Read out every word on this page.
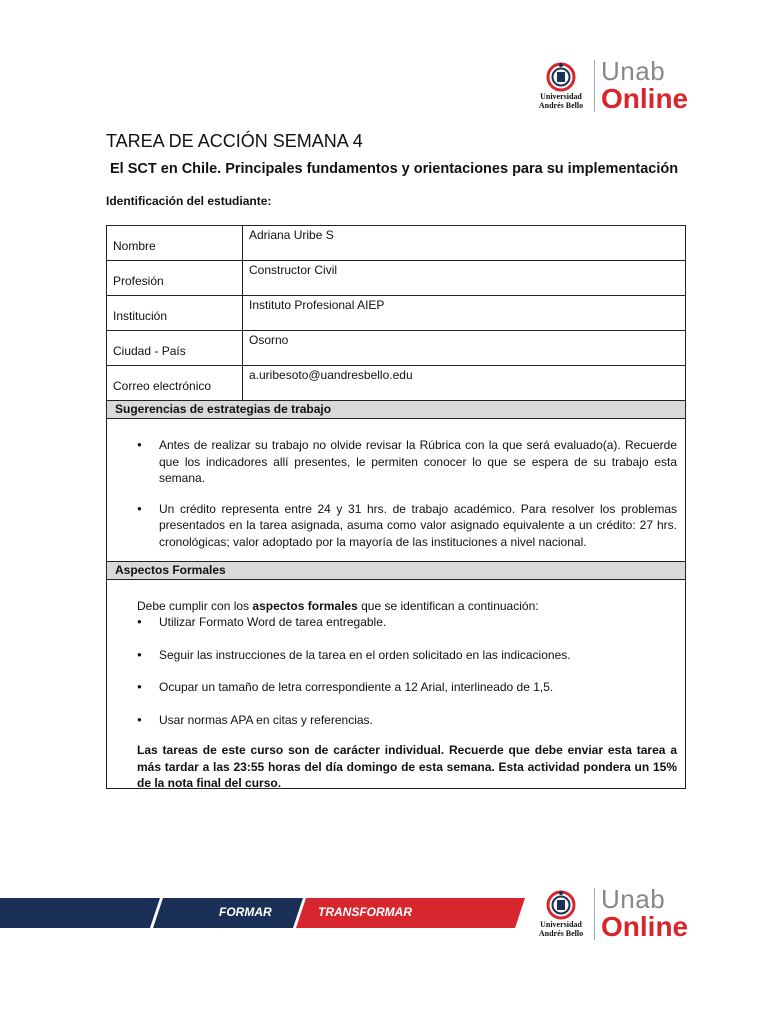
Universidad
Andrés Bello
Unab
Online
TAREA DE ACCIÓN SEMANA 4
El SCT en Chile. Principales fundamentos y orientaciones para su implementación
Identificación del estudiante:
Nombre	Adriana Uribe S
Profesión	Constructor Civil
Institución	Instituto Profesional AIEP
Ciudad - País	Osorno
Correo electrónico	a.uribesoto@uandresbello.edu
Sugerencias de estrategias de trabajo
● Antes de realizar su trabajo no olvide revisar la Rúbrica con la que será evaluado(a). Recuerde que los indicadores allí presentes, le permiten conocer lo que se espera de su trabajo esta semana.
● Un crédito representa entre 24 y 31 hrs. de trabajo académico. Para resolver los problemas presentados en la tarea asignada, asuma como valor asignado equivalente a un crédito: 27 hrs. cronológicas; valor adoptado por la mayoría de las instituciones a nivel nacional.
Aspectos Formales
Debe cumplir con los aspectos formales que se identifican a continuación:
● Utilizar Formato Word de tarea entregable.
● Seguir las instrucciones de la tarea en el orden solicitado en las indicaciones.
● Ocupar un tamaño de letra correspondiente a 12 Arial, interlineado de 1,5.
● Usar normas APA en citas y referencias.
Las tareas de este curso son de carácter individual. Recuerde que debe enviar esta tarea a más tardar a las 23:55 horas del día domingo de esta semana. Esta actividad pondera un 15% de la nota final del curso.
FORMAR	TRANSFORMAR
Universidad
Andrés Bello
Unab
Online
